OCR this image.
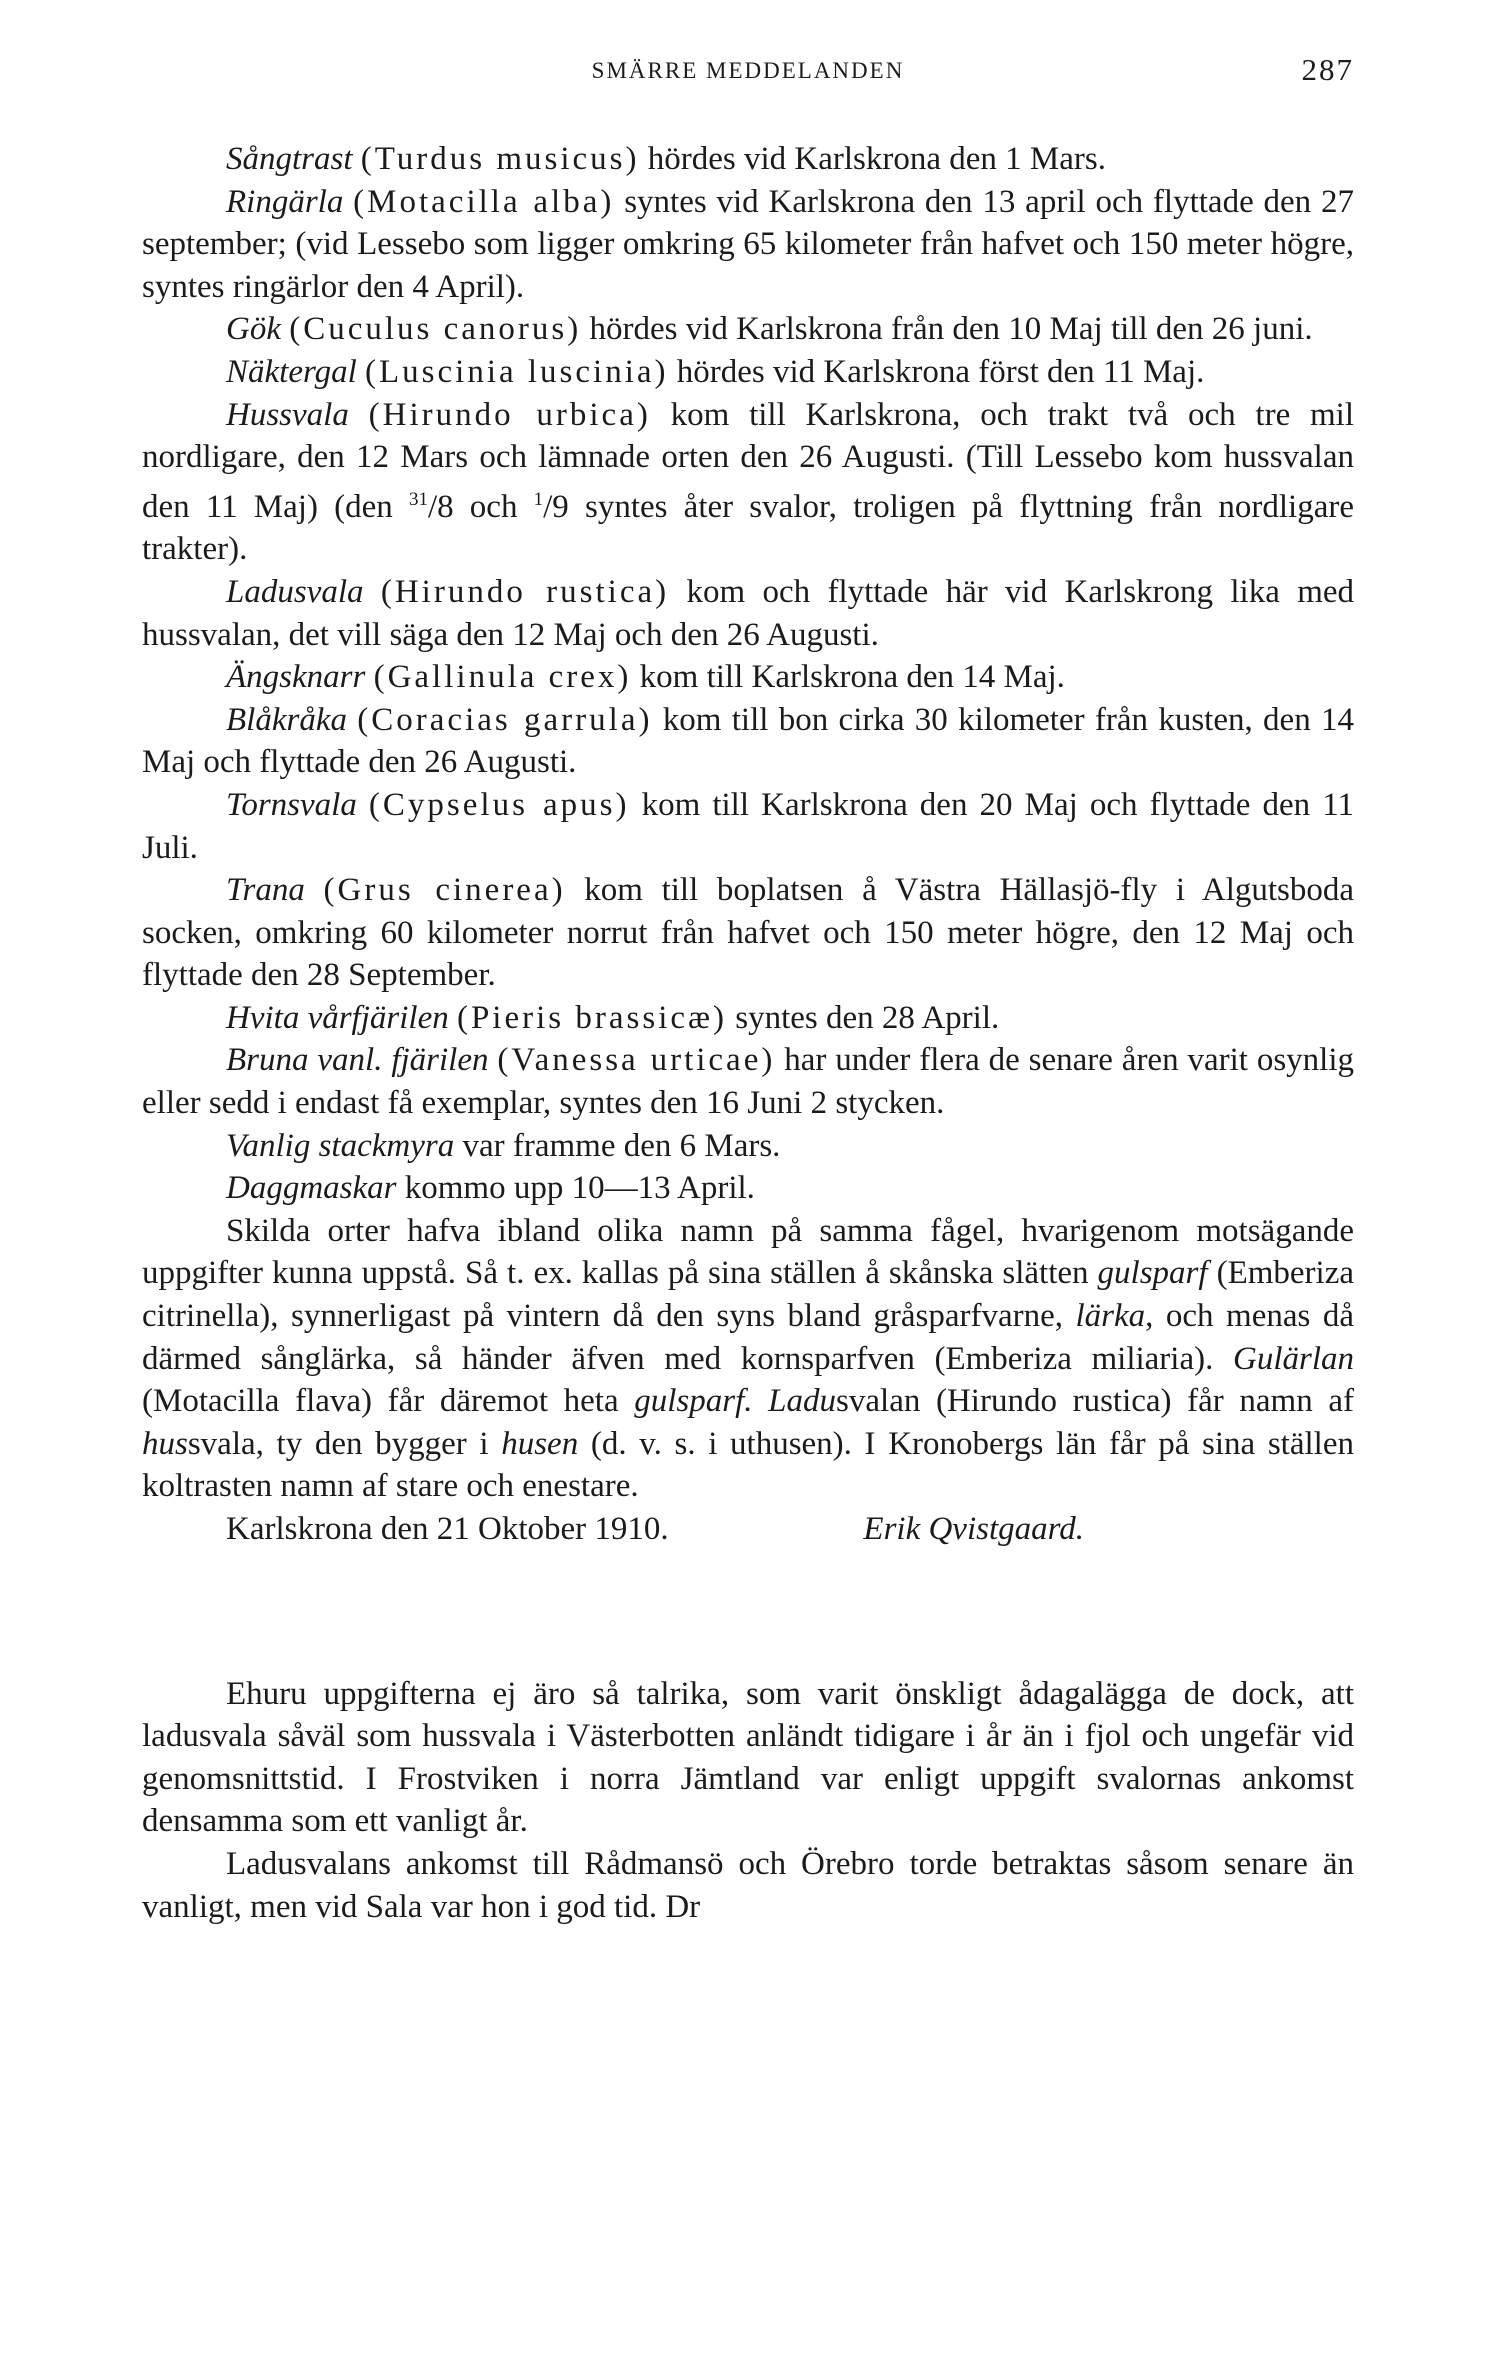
SMÄRRE MEDDELANDEN	287

Sångtrast (Turdus musicus) hördes vid Karlskrona den 1 Mars.

Ringärla (Motacilla alba) syntes vid Karlskrona den 13 april och flyttade den 27 september; (vid Lessebo som ligger omkring 65 kilometer från hafvet och 150 meter högre, syntes ringärlor den 4 April).

Gök (Cuculus canorus) hördes vid Karlskrona från den 10 Maj till den 26 juni.

Näktergal (Luscinia luscinia) hördes vid Karlskrona först den 11 Maj.

Hussvala (Hirundo urbica) kom till Karlskrona, och trakt två och tre mil nordligare, den 12 Mars och lämnade orten den 26 Augusti. (Till Lessebo kom hussvalan den 11 Maj) (den $^{31}$/8 och $^1$/9 syntes åter svalor, troligen på flyttning från nordligare trakter).

Ladusvala (Hirundo rustica) kom och flyttade här vid Karlskrong lika med hussvalan, det vill säga den 12 Maj och den 26 Augusti.

Ängsknarr (Gallinula crex) kom till Karlskrona den 14 Maj.

Blåkråka (Coracias garrula) kom till bon cirka 30 kilometer från kusten, den 14 Maj och flyttade den 26 Augusti.

Tornsvala (Cypselus apus) kom till Karlskrona den 20 Maj och flyttade den 11 Juli.

Trana (Grus cinerea) kom till boplatsen å Västra Hällasjö-fly i Algutsboda socken, omkring 60 kilometer norrut från hafvet och 150 meter högre, den 12 Maj och flyttade den 28 September.

Hvita vårfjärilen (Pieris brassicæ) syntes den 28 April.

Bruna vanl. fjärilen (Vanessa urticae) har under flera de senare åren varit osynlig eller sedd i endast få exemplar, syntes den 16 Juni 2 stycken.

Vanlig stackmyra var framme den 6 Mars.

Daggmaskar kommo upp 10—13 April.

Skilda orter hafva ibland olika namn på samma fågel, hvarigenom motsägande uppgifter kunna uppstå. Så t. ex. kallas på sina ställen å skånska slätten gulsparf (Emberiza citrinella), synnerligast på vintern då den syns bland gråsparfvarne, lärka, och menas då därmed sånglärka, så händer äfven med kornsparfven (Emberiza miliaria). Gulärlan (Motacilla flava) får däremot heta gulsparf. Ladusvalan (Hirundo rustica) får namn af hussvala, ty den bygger i husen (d. v. s. i uthusen). I Kronobergs län får på sina ställen koltrasten namn af stare och enestare.

Karlskrona den 21 Oktober 1910.	Erik Qvistgaard.

Ehuru uppgifterna ej äro så talrika, som varit önskligt ådagalägga de dock, att ladusvala såväl som hussvala i Västerbotten anländt tidigare i år än i fjol och ungefär vid genomsnittstid. I Frostviken i norra Jämtland var enligt uppgift svalornas ankomst densamma som ett vanligt år.

Ladusvalans ankomst till Rådmansö och Örebro torde betraktas såsom senare än vanligt, men vid Sala var hon i god tid. Dr
